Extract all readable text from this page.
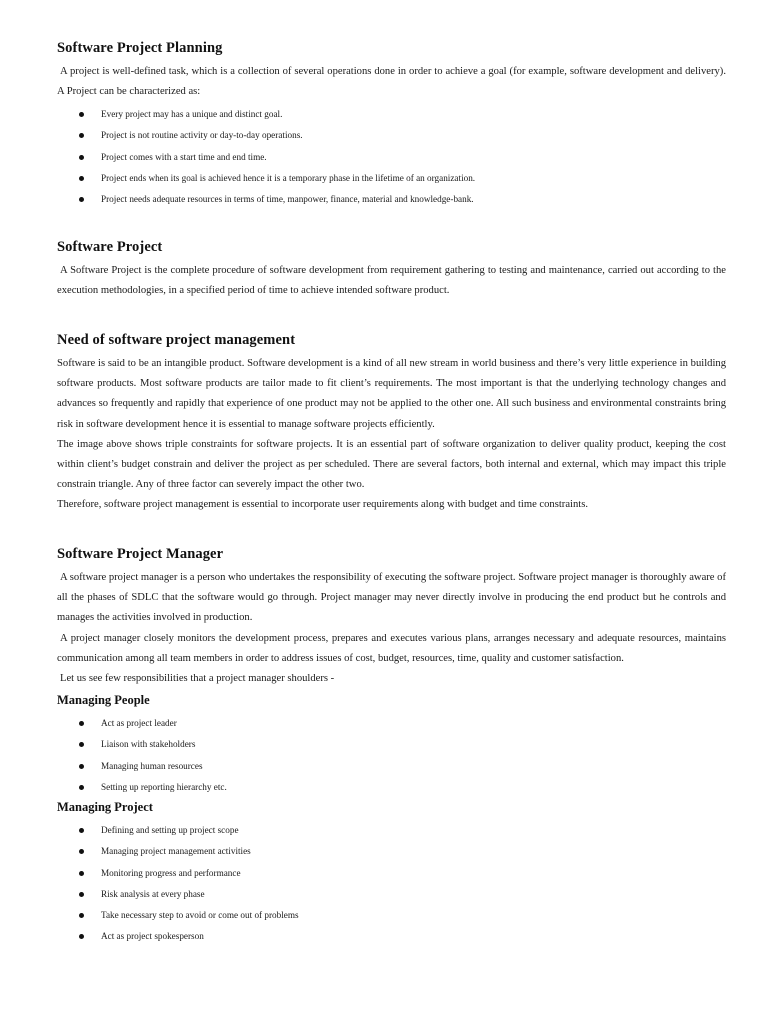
Software Project Planning

A project is well-defined task, which is a collection of several operations done in order to achieve a goal (for example, software development and delivery). A Project can be characterized as:

Every project may has a unique and distinct goal.
Project is not routine activity or day-to-day operations.
Project comes with a start time and end time.
Project ends when its goal is achieved hence it is a temporary phase in the lifetime of an organization.
Project needs adequate resources in terms of time, manpower, finance, material and knowledge-bank.
Software Project

A Software Project is the complete procedure of software development from requirement gathering to testing and maintenance, carried out according to the execution methodologies, in a specified period of time to achieve intended software product.

Need of software project management

Software is said to be an intangible product. Software development is a kind of all new stream in world business and there’s very little experience in building software products. Most software products are tailor made to fit client’s requirements. The most important is that the underlying technology changes and advances so frequently and rapidly that experience of one product may not be applied to the other one. All such business and environmental constraints bring risk in software development hence it is essential to manage software projects efficiently.

The image above shows triple constraints for software projects. It is an essential part of software organization to deliver quality product, keeping the cost within client’s budget constrain and deliver the project as per scheduled. There are several factors, both internal and external, which may impact this triple constrain triangle. Any of three factor can severely impact the other two.

Therefore, software project management is essential to incorporate user requirements along with budget and time constraints.

Software Project Manager

A software project manager is a person who undertakes the responsibility of executing the software project. Software project manager is thoroughly aware of all the phases of SDLC that the software would go through. Project manager may never directly involve in producing the end product but he controls and manages the activities involved in production.

A project manager closely monitors the development process, prepares and executes various plans, arranges necessary and adequate resources, maintains communication among all team members in order to address issues of cost, budget, resources, time, quality and customer satisfaction.

Let us see few responsibilities that a project manager shoulders -

Managing People
Act as project leader
Liaison with stakeholders
Managing human resources
Setting up reporting hierarchy etc.
Managing Project
Defining and setting up project scope
Managing project management activities
Monitoring progress and performance
Risk analysis at every phase
Take necessary step to avoid or come out of problems
Act as project spokesperson
